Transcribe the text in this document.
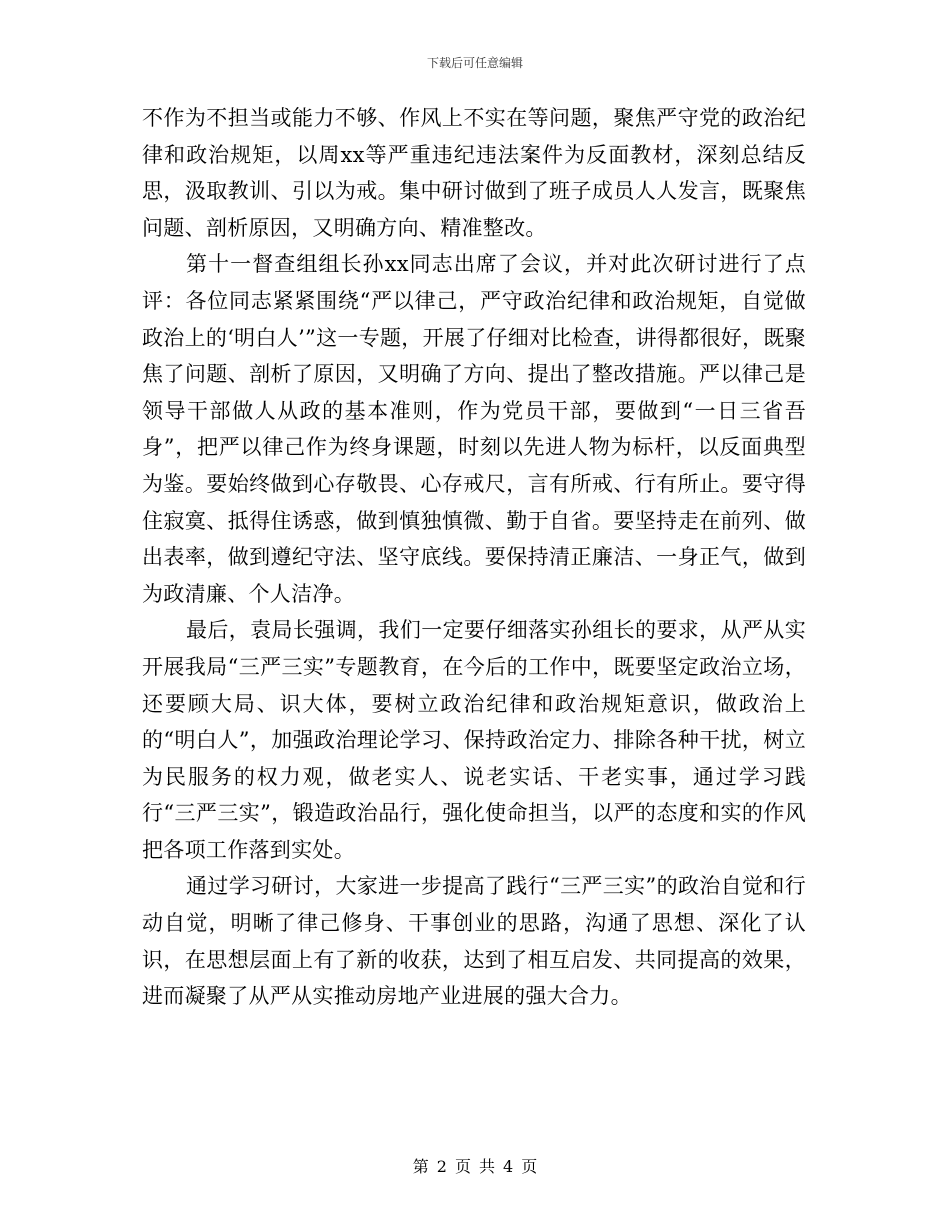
下载后可任意编辑

不作为不担当或能力不够、作风上不实在等问题，聚焦严守党的政治纪律和政治规矩，以周xx等严重违纪违法案件为反面教材，深刻总结反思，汲取教训、引以为戒。集中研讨做到了班子成员人人发言，既聚焦问题、剖析原因，又明确方向、精准整改。

第十一督查组组长孙xx同志出席了会议，并对此次研讨进行了点评：各位同志紧紧围绕“严以律己，严守政治纪律和政治规矩，自觉做政治上的‘明白人’”这一专题，开展了仔细对比检查，讲得都很好，既聚焦了问题、剖析了原因，又明确了方向、提出了整改措施。严以律己是领导干部做人从政的基本准则，作为党员干部，要做到“一日三省吾身”，把严以律己作为终身课题，时刻以先进人物为标杆，以反面典型为鉴。要始终做到心存敬畏、心存戒尺，言有所戒、行有所止。要守得住寂寞、抵得住诱惑，做到慎独慎微、勤于自省。要坚持走在前列、做出表率，做到遵纪守法、坚守底线。要保持清正廉洁、一身正气，做到为政清廉、个人洁净。

最后，袁局长强调，我们一定要仔细落实孙组长的要求，从严从实开展我局“三严三实”专题教育，在今后的工作中，既要坚定政治立场，还要顾大局、识大体，要树立政治纪律和政治规矩意识，做政治上的“明白人”，加强政治理论学习、保持政治定力、排除各种干扰，树立为民服务的权力观，做老实人、说老实话、干老实事，通过学习践行“三严三实”，锻造政治品行，强化使命担当，以严的态度和实的作风把各项工作落到实处。

通过学习研讨，大家进一步提高了践行“三严三实”的政治自觉和行动自觉，明晰了律己修身、干事创业的思路，沟通了思想、深化了认识，在思想层面上有了新的收获，达到了相互启发、共同提高的效果，进而凝聚了从严从实推动房地产业进展的强大合力。

第 2 页 共 4 页
